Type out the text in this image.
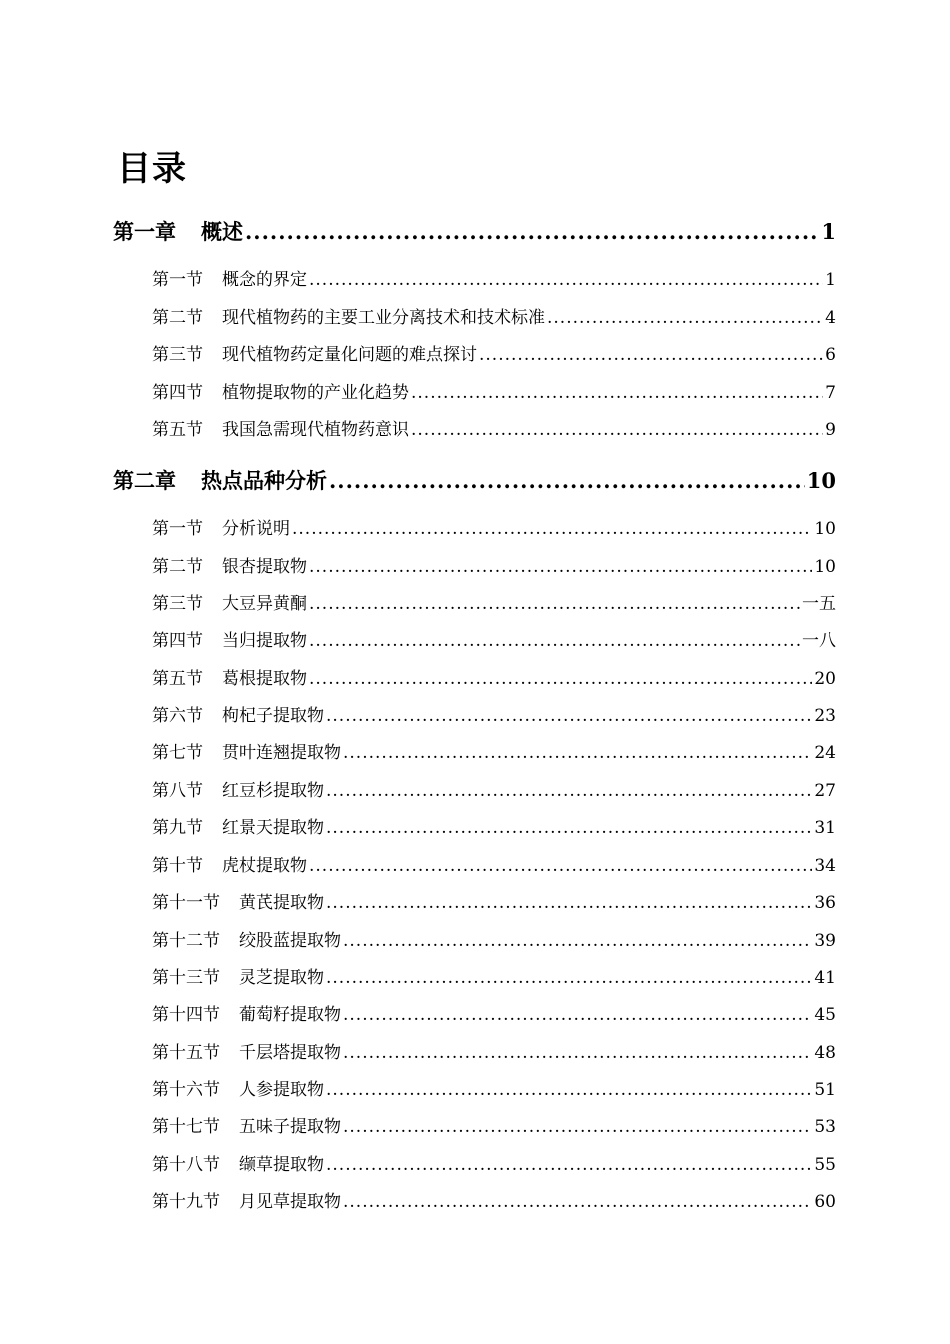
目录
第一章 概述 .....	1
第一节 概念的界定 .....	1
第二节 现代植物药的主要工业分离技术和技术标准 .....	4
第三节 现代植物药定量化问题的难点探讨 .....	6
第四节 植物提取物的产业化趋势 .....	7
第五节 我国急需现代植物药意识 .....	9
第二章 热点品种分析 .....	10
第一节 分析说明 .....	10
第二节 银杏提取物 .....	10
第三节 大豆异黄酮 .....	一五
第四节 当归提取物 .....	一八
第五节 葛根提取物 .....	20
第六节 枸杞子提取物 .....	23
第七节 贯叶连翘提取物 .....	24
第八节 红豆杉提取物 .....	27
第九节 红景天提取物 .....	31
第十节 虎杖提取物 .....	34
第十一节 黄芪提取物 .....	36
第十二节 绞股蓝提取物 .....	39
第十三节 灵芝提取物 .....	41
第十四节 葡萄籽提取物 .....	45
第十五节 千层塔提取物 .....	48
第十六节 人参提取物 .....	51
第十七节 五味子提取物 .....	53
第十八节 缬草提取物 .....	55
第十九节 月见草提取物 .....	60
